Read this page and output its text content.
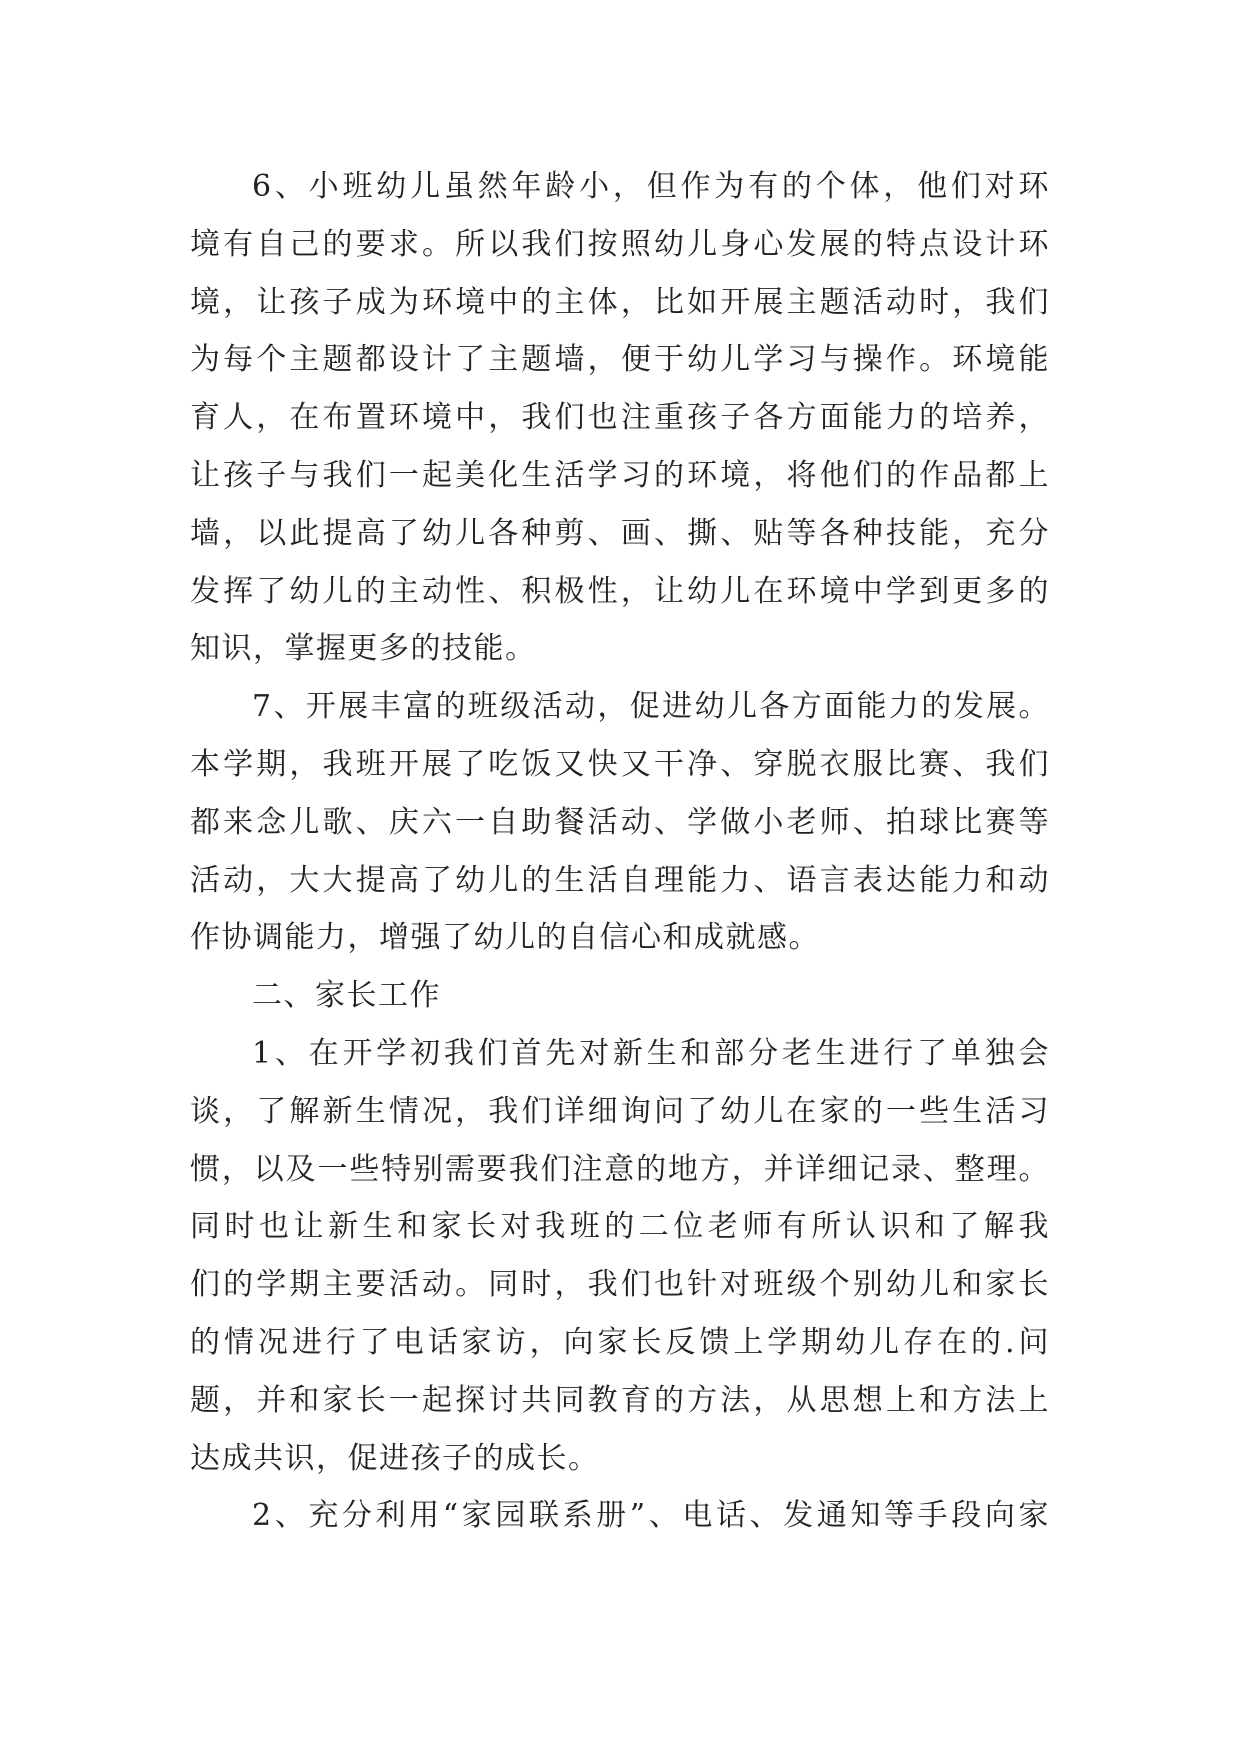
6、小班幼儿虽然年龄小，但作为有的个体，他们对环
境有自己的要求。所以我们按照幼儿身心发展的特点设计环
境，让孩子成为环境中的主体，比如开展主题活动时，我们
为每个主题都设计了主题墙，便于幼儿学习与操作。环境能
育人，在布置环境中，我们也注重孩子各方面能力的培养，
让孩子与我们一起美化生活学习的环境，将他们的作品都上
墙，以此提高了幼儿各种剪、画、撕、贴等各种技能，充分
发挥了幼儿的主动性、积极性，让幼儿在环境中学到更多的
知识，掌握更多的技能。
7、开展丰富的班级活动，促进幼儿各方面能力的发展。
本学期，我班开展了吃饭又快又干净、穿脱衣服比赛、我们
都来念儿歌、庆六一自助餐活动、学做小老师、拍球比赛等
活动，大大提高了幼儿的生活自理能力、语言表达能力和动
作协调能力，增强了幼儿的自信心和成就感。
二、家长工作
1、在开学初我们首先对新生和部分老生进行了单独会
谈，了解新生情况，我们详细询问了幼儿在家的一些生活习
惯，以及一些特别需要我们注意的地方，并详细记录、整理。
同时也让新生和家长对我班的二位老师有所认识和了解我
们的学期主要活动。同时，我们也针对班级个别幼儿和家长
的情况进行了电话家访，向家长反馈上学期幼儿存在的.问
题，并和家长一起探讨共同教育的方法，从思想上和方法上
达成共识，促进孩子的成长。
2、充分利用“家园联系册”、电话、发通知等手段向家
